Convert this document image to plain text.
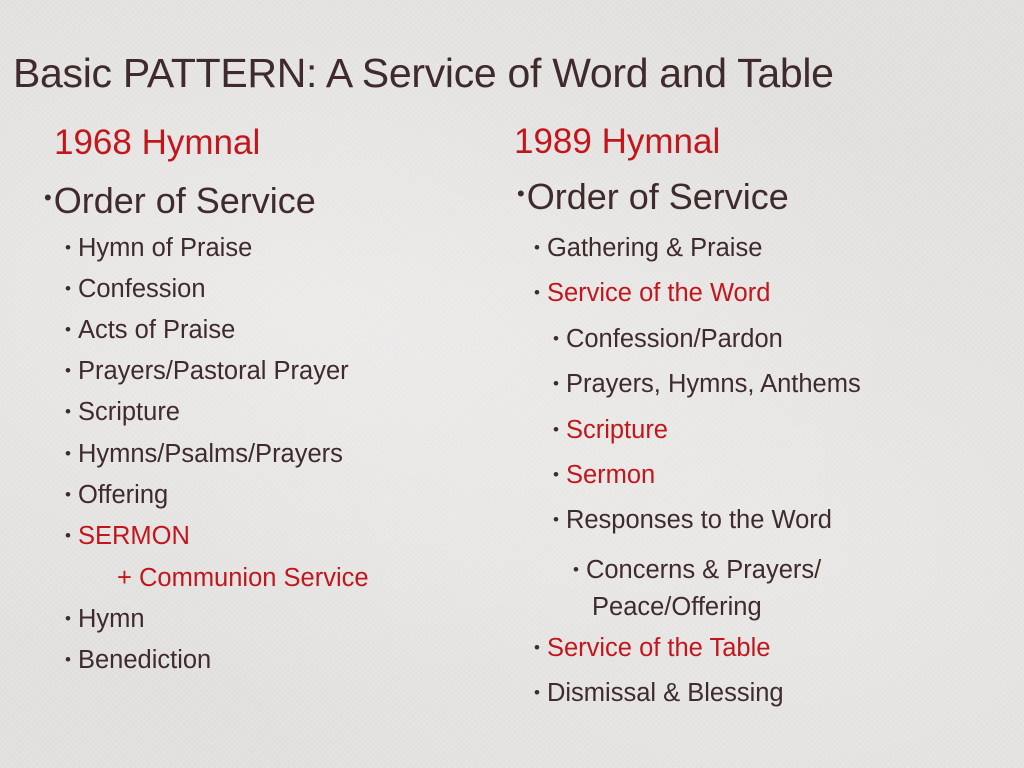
Basic PATTERN: A Service of Word and Table
1968 Hymnal
•Order of Service
• Hymn of Praise
• Confession
• Acts of Praise
• Prayers/Pastoral Prayer
• Scripture
• Hymns/Psalms/Prayers
• Offering
• SERMON
+ Communion Service
• Hymn
• Benediction
1989 Hymnal
•Order of Service
• Gathering & Praise
• Service of the Word
• Confession/Pardon
• Prayers, Hymns, Anthems
• Scripture
• Sermon
• Responses to the Word
• Concerns & Prayers/
Peace/Offering
• Service of the Table
• Dismissal & Blessing
